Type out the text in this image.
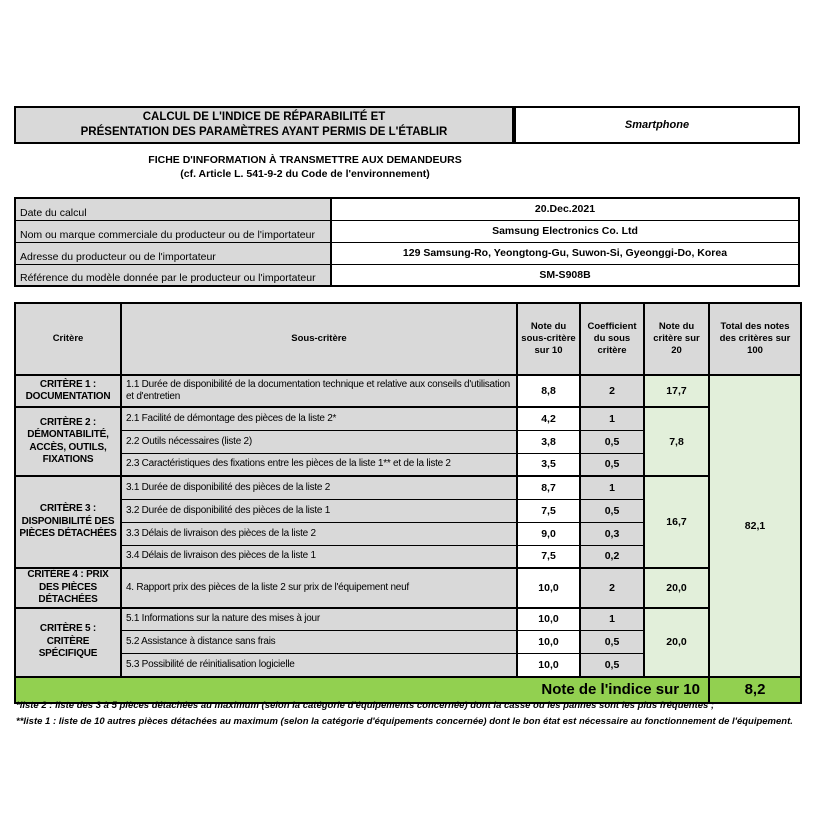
CALCUL DE L'INDICE DE RÉPARABILITÉ ET
PRÉSENTATION DES PARAMÈTRES AYANT PERMIS DE L'ÉTABLIR
Smartphone
FICHE D'INFORMATION À TRANSMETTRE AUX DEMANDEURS
(cf. Article L. 541-9-2 du Code de l'environnement)
Date du calcul	20.Dec.2021
Nom ou marque commerciale du producteur ou de l'importateur	Samsung Electronics Co. Ltd
Adresse du producteur ou de l'importateur	129 Samsung-Ro, Yeongtong-Gu, Suwon-Si, Gyeonggi-Do, Korea
Référence du modèle donnée par le producteur ou l'importateur	SM-S908B
Critère	Sous-critère	Note du sous-critère sur 10	Coefficient du sous critère	Note du critère sur 20	Total des notes des critères sur 100
CRITÈRE 1 : DOCUMENTATION	1.1 Durée de disponibilité de la documentation technique et relative aux conseils d'utilisation et d'entretien	8,8	2	17,7	82,1
CRITÈRE 2 : DÉMONTABILITÉ, ACCÈS, OUTILS, FIXATIONS	2.1 Facilité de démontage des pièces de la liste 2*	4,2	1	7,8	
	2.2 Outils nécessaires (liste 2)	3,8	0,5		
	2.3 Caractéristiques des fixations entre les pièces de la liste 1** et de la liste 2	3,5	0,5		
CRITÈRE 3 : DISPONIBILITÉ DES PIÈCES DÉTACHÉES	3.1 Durée de disponibilité des pièces de la liste 2	8,7	1	16,7	
	3.2 Durée de disponibilité des pièces de la liste 1	7,5	0,5		
	3.3 Délais de livraison des pièces de la liste 2	9,0	0,3		
	3.4 Délais de livraison des pièces de la liste 1	7,5	0,2		
CRITÈRE 4 : PRIX DES PIÈCES DÉTACHÉES	4. Rapport prix des pièces de la liste 2 sur prix de l'équipement neuf	10,0	2	20,0	
CRITÈRE 5 : CRITÈRE SPÉCIFIQUE	5.1 Informations sur la nature des mises à jour	10,0	1	20,0	
	5.2 Assistance à distance sans frais	10,0	0,5		
	5.3 Possibilité de réinitialisation logicielle	10,0	0,5		
Note de l'indice sur 10					8,2
*liste 2 : liste des 3 à 5 pièces détachées au maximum (selon la catégorie d'équipements concernée) dont la casse ou les pannes sont les plus fréquentes ;
**liste 1 : liste de 10 autres pièces détachées au maximum (selon la catégorie d'équipements concernée) dont le bon état est nécessaire au fonctionnement de l'équipement.
